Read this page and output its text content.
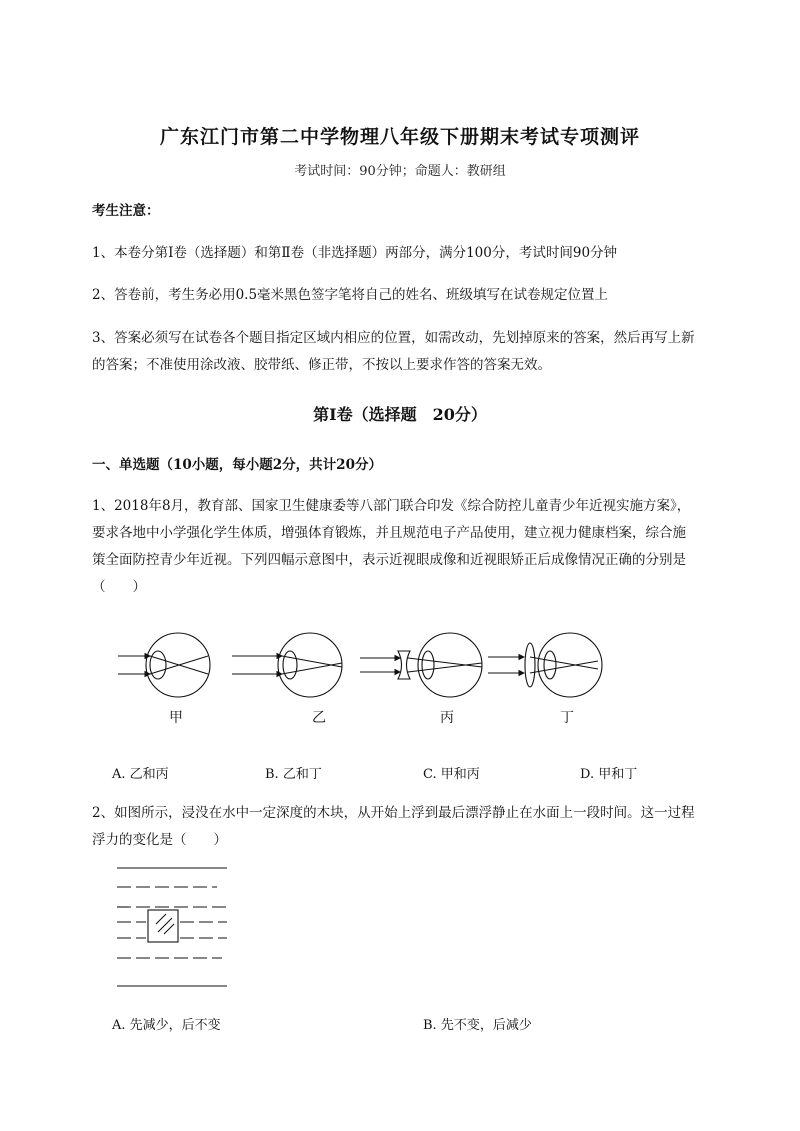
广东江门市第二中学物理八年级下册期末考试专项测评
考试时间：90分钟；命题人：教研组
考生注意：
1、本卷分第I卷（选择题）和第Ⅱ卷（非选择题）两部分，满分100分，考试时间90分钟
2、答卷前，考生务必用0.5毫米黑色签字笔将自己的姓名、班级填写在试卷规定位置上
3、答案必须写在试卷各个题目指定区域内相应的位置，如需改动，先划掉原来的答案，然后再写上新
的答案；不准使用涂改液、胶带纸、修正带，不按以上要求作答的答案无效。
第I卷（选择题　20分）
一、单选题（10小题，每小题2分，共计20分）
1、2018年8月，教育部、国家卫生健康委等八部门联合印发《综合防控儿童青少年近视实施方案》，
要求各地中小学强化学生体质，增强体育锻炼，并且规范电子产品使用，建立视力健康档案，综合施
策全面防控青少年近视。下列四幅示意图中，表示近视眼成像和近视眼矫正后成像情况正确的分别是
（　　）
甲	乙	丙	丁
A. 乙和丙	B. 乙和丁	C. 甲和丙	D. 甲和丁
2、如图所示，浸没在水中一定深度的木块，从开始上浮到最后漂浮静止在水面上一段时间。这一过程
浮力的变化是（　　）
A. 先减少，后不变	B. 先不变，后减少
